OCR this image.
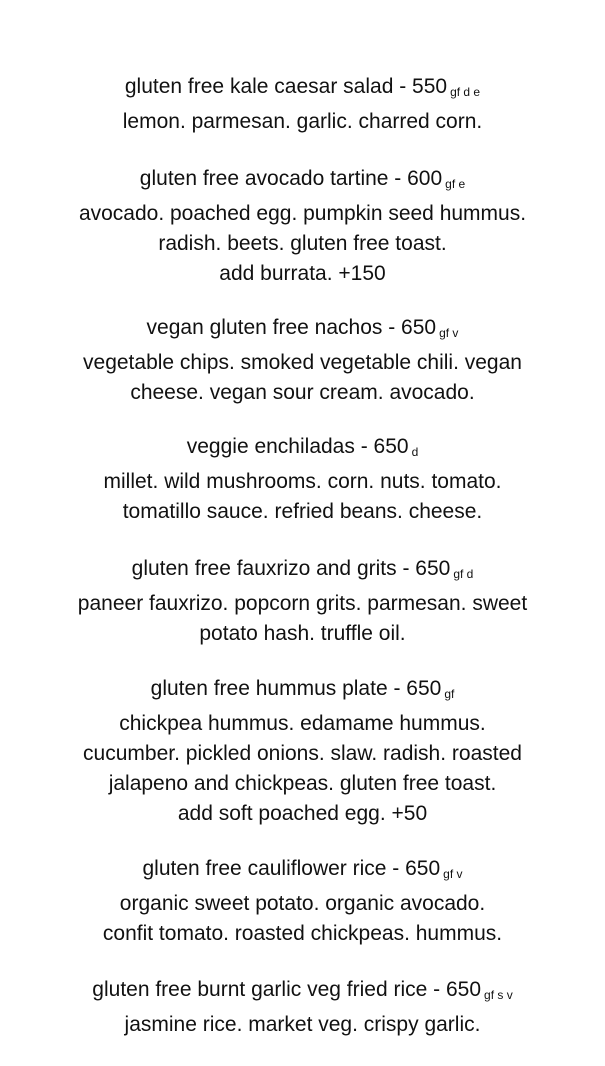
gluten free kale caesar salad - 550 gf d e
lemon. parmesan. garlic. charred corn.
gluten free avocado tartine - 600 gf e
avocado. poached egg. pumpkin seed hummus.
radish. beets. gluten free toast.
add burrata. +150
vegan gluten free nachos - 650 gf v
vegetable chips. smoked vegetable chili. vegan
cheese. vegan sour cream. avocado.
veggie enchiladas - 650 d
millet. wild mushrooms. corn. nuts. tomato.
tomatillo sauce. refried beans. cheese.
gluten free fauxrizo and grits - 650 gf d
paneer fauxrizo. popcorn grits. parmesan. sweet
potato hash. truffle oil.
gluten free hummus plate - 650 gf
chickpea hummus. edamame hummus.
cucumber. pickled onions. slaw. radish. roasted
jalapeno and chickpeas. gluten free toast.
add soft poached egg. +50
gluten free cauliflower rice - 650 gf v
organic sweet potato. organic avocado.
confit tomato. roasted chickpeas. hummus.
gluten free burnt garlic veg fried rice - 650 gf s v
jasmine rice. market veg. crispy garlic.
